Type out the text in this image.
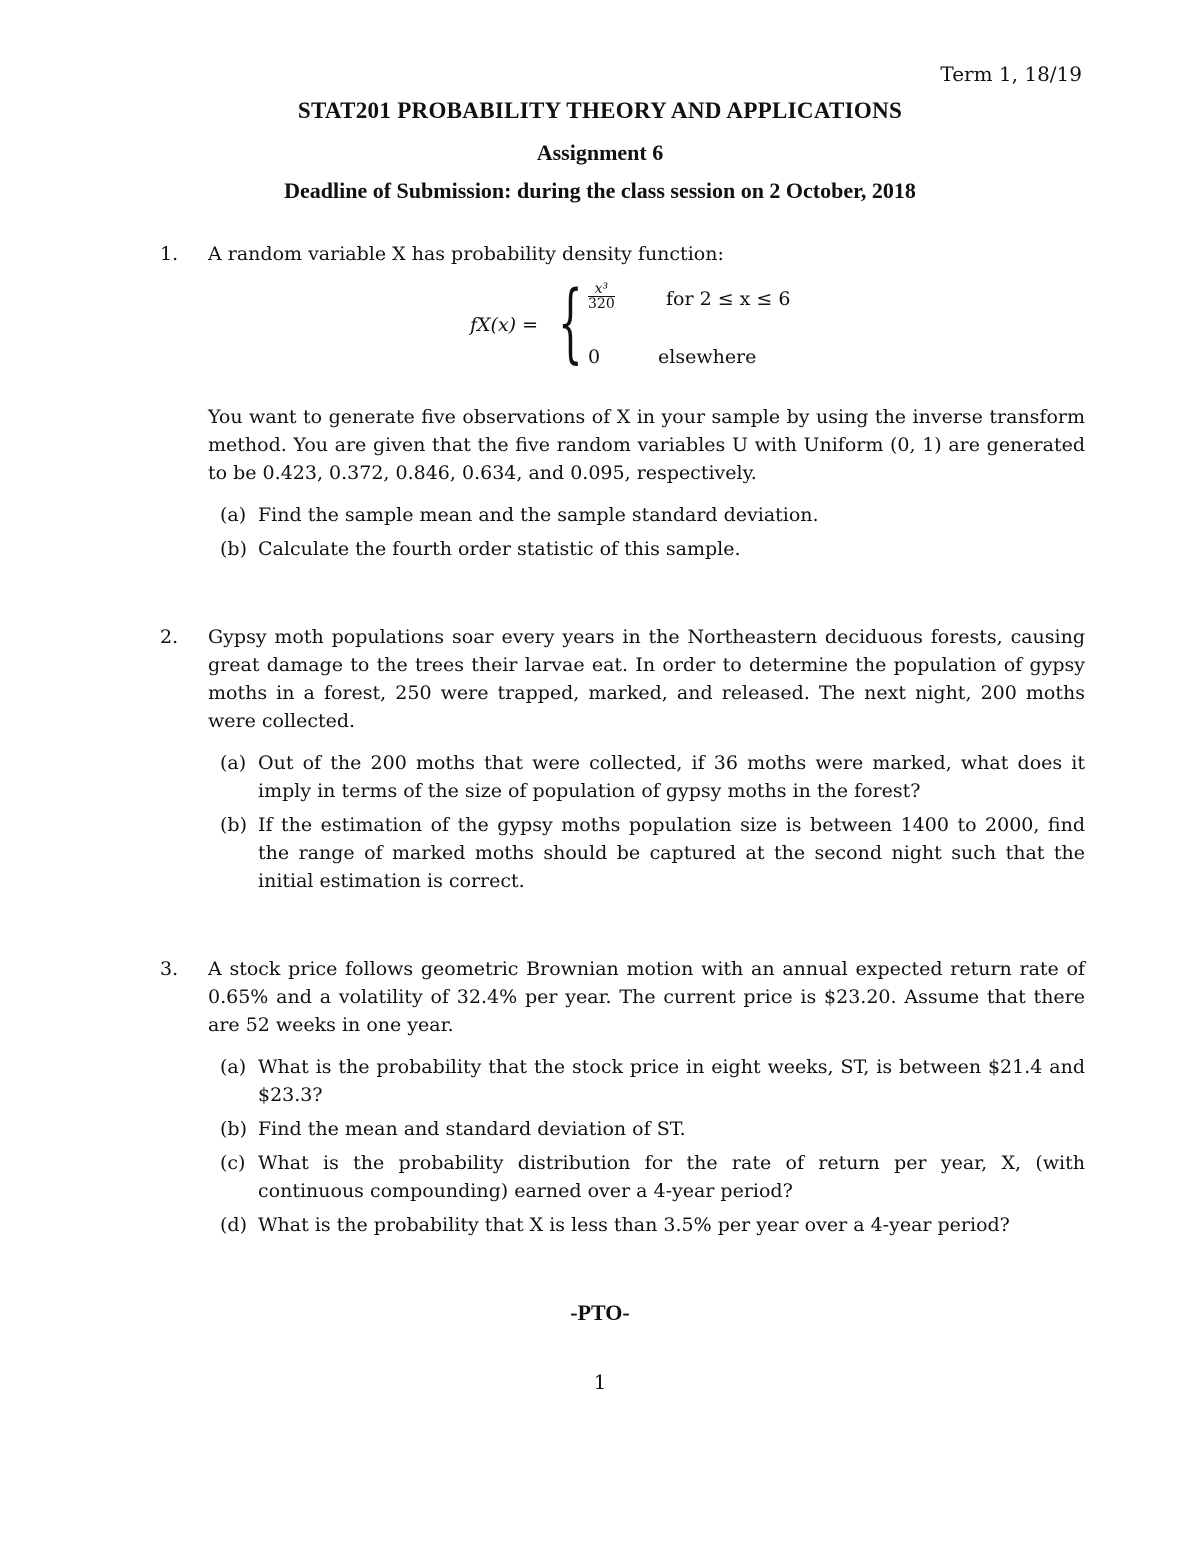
Term 1, 18/19
STAT201 PROBABILITY THEORY AND APPLICATIONS
Assignment 6
Deadline of Submission: during the class session on 2 October, 2018
1. A random variable X has probability density function:
fX(x) = { $\frac{\text{x³}}{320}$	for 2 ≤ x ≤ 6
0	elsewhere
You want to generate five observations of X in your sample by using the inverse transform method. You are given that the five random variables U with Uniform (0, 1) are generated to be 0.423, 0.372, 0.846, 0.634, and 0.095, respectively.
(a) Find the sample mean and the sample standard deviation.
(b) Calculate the fourth order statistic of this sample.
2. Gypsy moth populations soar every years in the Northeastern deciduous forests, causing great damage to the trees their larvae eat. In order to determine the population of gypsy moths in a forest, 250 were trapped, marked, and released. The next night, 200 moths were collected.
(a) Out of the 200 moths that were collected, if 36 moths were marked, what does it imply in terms of the size of population of gypsy moths in the forest?
(b) If the estimation of the gypsy moths population size is between 1400 to 2000, find the range of marked moths should be captured at the second night such that the initial estimation is correct.
3. A stock price follows geometric Brownian motion with an annual expected return rate of 0.65% and a volatility of 32.4% per year. The current price is $23.20. Assume that there are 52 weeks in one year.
(a) What is the probability that the stock price in eight weeks, ST, is between $21.4 and $23.3?
(b) Find the mean and standard deviation of ST.
(c) What is the probability distribution for the rate of return per year, X, (with continuous compounding) earned over a 4-year period?
(d) What is the probability that X is less than 3.5% per year over a 4-year period?
-PTO-
1
